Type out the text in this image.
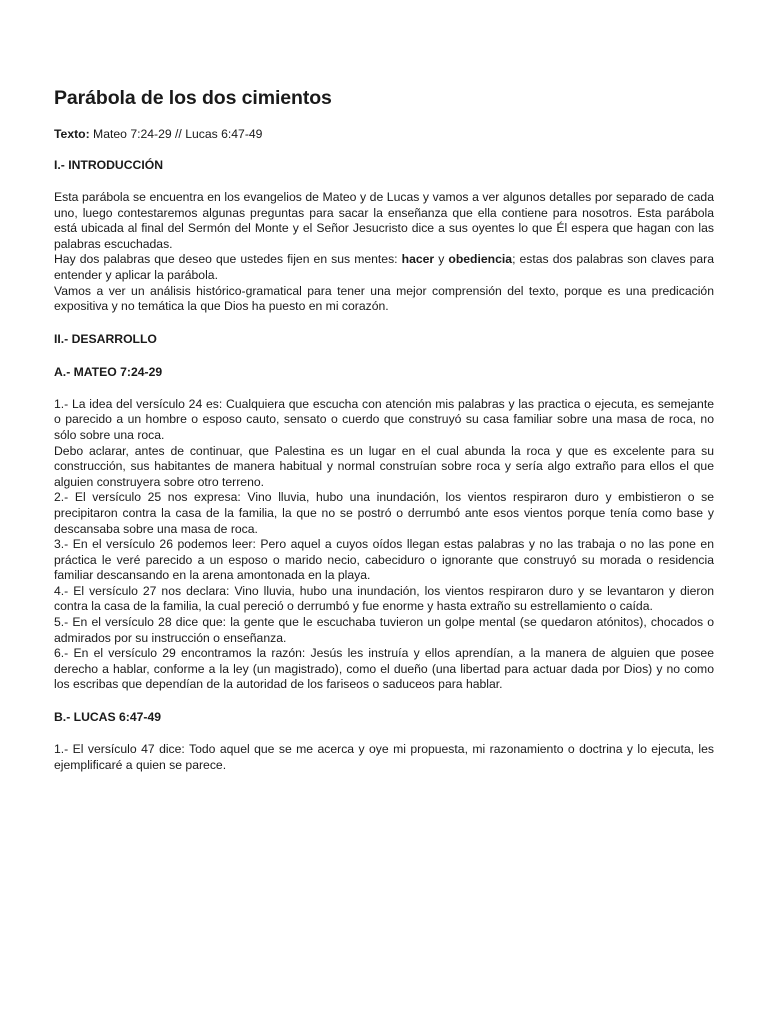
Parábola de los dos cimientos
Texto: Mateo 7:24-29 // Lucas 6:47-49
I.- INTRODUCCIÓN

Esta parábola se encuentra en los evangelios de Mateo y de Lucas y vamos a ver algunos detalles por separado de cada uno, luego contestaremos algunas preguntas para sacar la enseñanza que ella contiene para nosotros. Esta parábola está ubicada al final del Sermón del Monte y el Señor Jesucristo dice a sus oyentes lo que Él espera que hagan con las palabras escuchadas.

Hay dos palabras que deseo que ustedes fijen en sus mentes: hacer y obediencia; estas dos palabras son claves para entender y aplicar la parábola.

Vamos a ver un análisis histórico-gramatical para tener una mejor comprensión del texto, porque es una predicación expositiva y no temática la que Dios ha puesto en mi corazón.

II.- DESARROLLO
A.- MATEO 7:24-29

1.- La idea del versículo 24 es: Cualquiera que escucha con atención mis palabras y las practica o ejecuta, es semejante o parecido a un hombre o esposo cauto, sensato o cuerdo que construyó su casa familiar sobre una masa de roca, no sólo sobre una roca.

Debo aclarar, antes de continuar, que Palestina es un lugar en el cual abunda la roca y que es excelente para su construcción, sus habitantes de manera habitual y normal construían sobre roca y sería algo extraño para ellos el que alguien construyera sobre otro terreno.

2.- El versículo 25 nos expresa: Vino lluvia, hubo una inundación, los vientos respiraron duro y embistieron o se precipitaron contra la casa de la familia, la que no se postró o derrumbó ante esos vientos porque tenía como base y descansaba sobre una masa de roca.

3.- En el versículo 26 podemos leer: Pero aquel a cuyos oídos llegan estas palabras y no las trabaja o no las pone en práctica le veré parecido a un esposo o marido necio, cabeciduro o ignorante que construyó su morada o residencia familiar descansando en la arena amontonada en la playa.

4.- El versículo 27 nos declara: Vino lluvia, hubo una inundación, los vientos respiraron duro y se levantaron y dieron contra la casa de la familia, la cual pereció o derrumbó y fue enorme y hasta extraño su estrellamiento o caída.

5.- En el versículo 28 dice que: la gente que le escuchaba tuvieron un golpe mental (se quedaron atónitos), chocados o admirados por su instrucción o enseñanza.

6.- En el versículo 29 encontramos la razón: Jesús les instruía y ellos aprendían, a la manera de alguien que posee derecho a hablar, conforme a la ley (un magistrado), como el dueño (una libertad para actuar dada por Dios) y no como los escribas que dependían de la autoridad de los fariseos o saduceos para hablar.

B.- LUCAS 6:47-49

1.- El versículo 47 dice: Todo aquel que se me acerca y oye mi propuesta, mi razonamiento o doctrina y lo ejecuta, les ejemplificaré a quien se parece.
